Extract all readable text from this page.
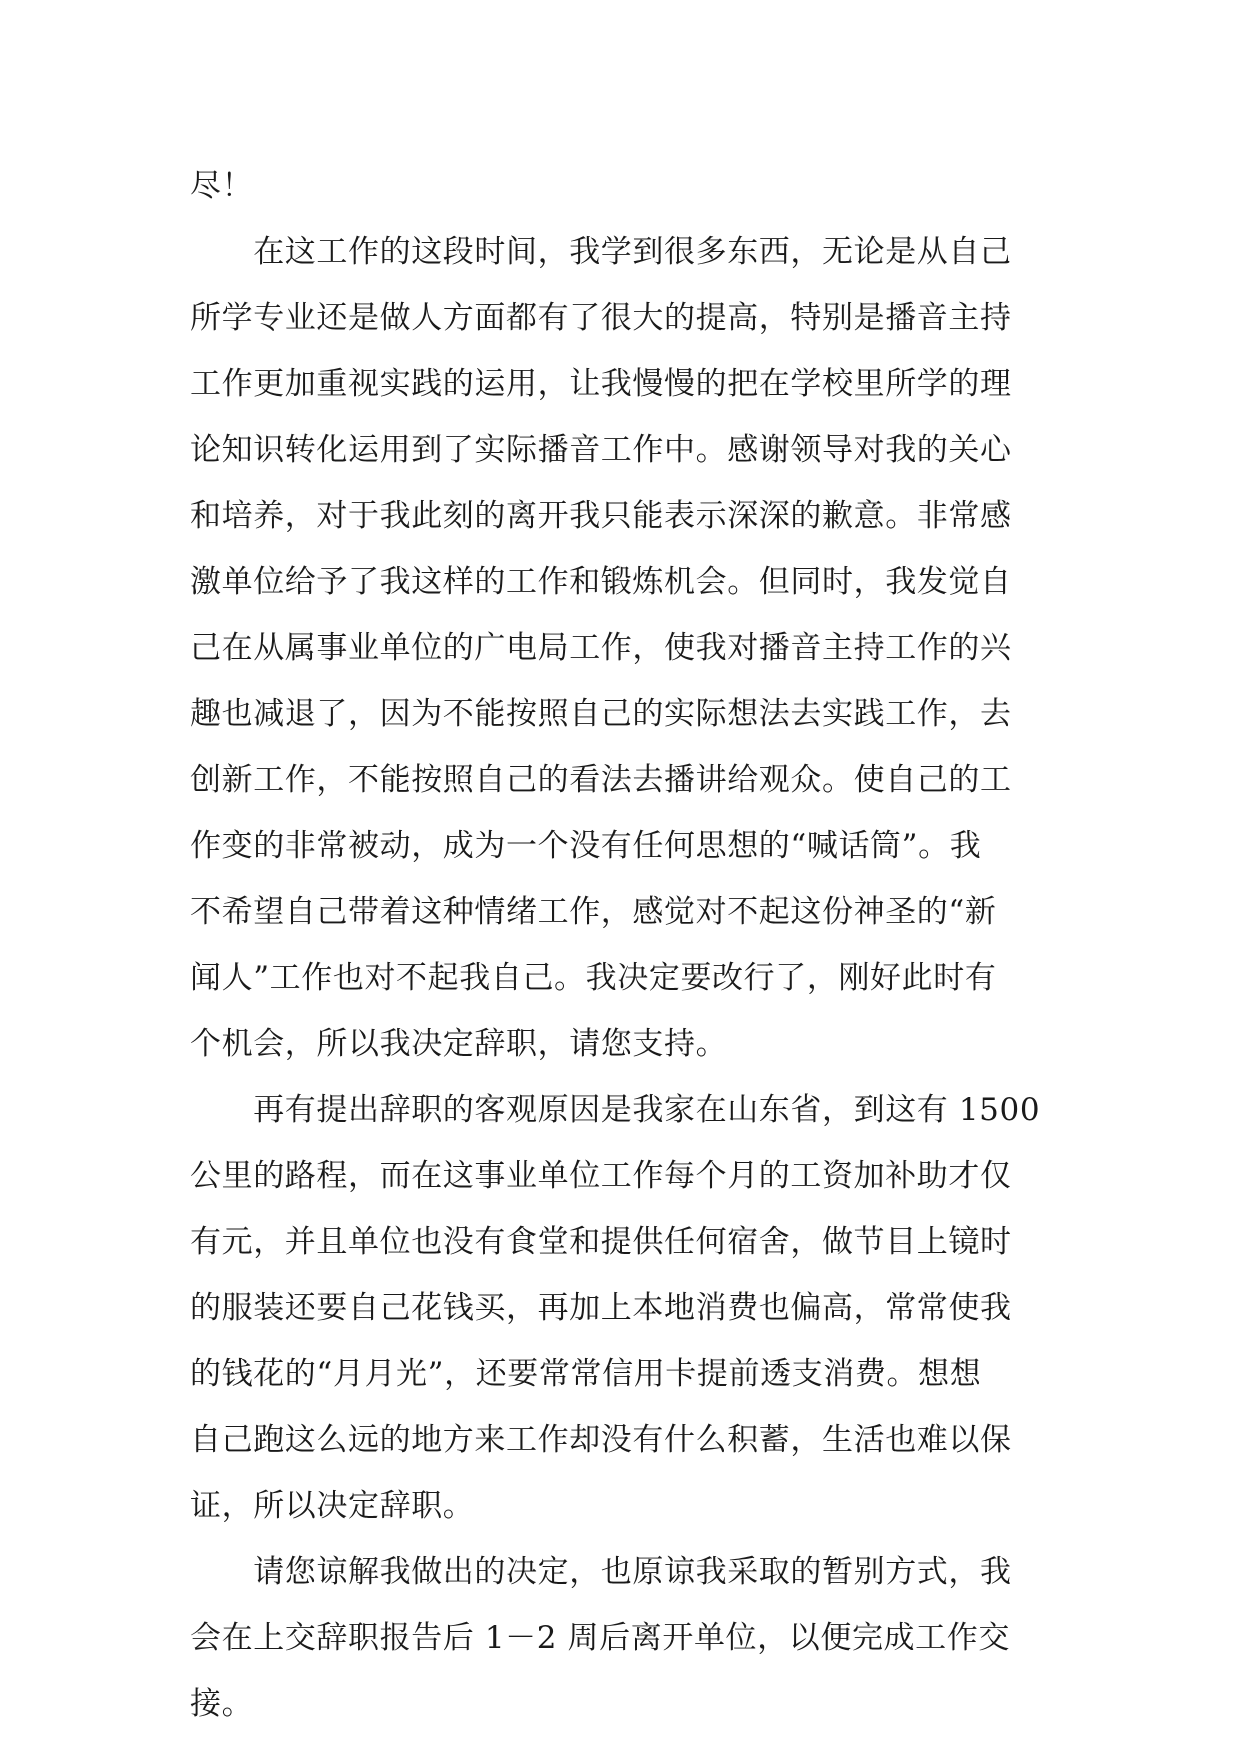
尽！
　　在这工作的这段时间，我学到很多东西，无论是从自己
所学专业还是做人方面都有了很大的提高，特别是播音主持
工作更加重视实践的运用，让我慢慢的把在学校里所学的理
论知识转化运用到了实际播音工作中。感谢领导对我的关心
和培养，对于我此刻的离开我只能表示深深的歉意。非常感
激单位给予了我这样的工作和锻炼机会。但同时，我发觉自
己在从属事业单位的广电局工作，使我对播音主持工作的兴
趣也减退了，因为不能按照自己的实际想法去实践工作，去
创新工作，不能按照自己的看法去播讲给观众。使自己的工
作变的非常被动，成为一个没有任何思想的“喊话筒”。我
不希望自己带着这种情绪工作，感觉对不起这份神圣的“新
闻人”工作也对不起我自己。我决定要改行了，刚好此时有
个机会，所以我决定辞职，请您支持。
　　再有提出辞职的客观原因是我家在山东省，到这有 1500
公里的路程，而在这事业单位工作每个月的工资加补助才仅
有元，并且单位也没有食堂和提供任何宿舍，做节目上镜时
的服装还要自己花钱买，再加上本地消费也偏高，常常使我
的钱花的“月月光”，还要常常信用卡提前透支消费。想想
自己跑这么远的地方来工作却没有什么积蓄，生活也难以保
证，所以决定辞职。
　　请您谅解我做出的决定，也原谅我采取的暂别方式，我
会在上交辞职报告后 1－2 周后离开单位，以便完成工作交
接。
